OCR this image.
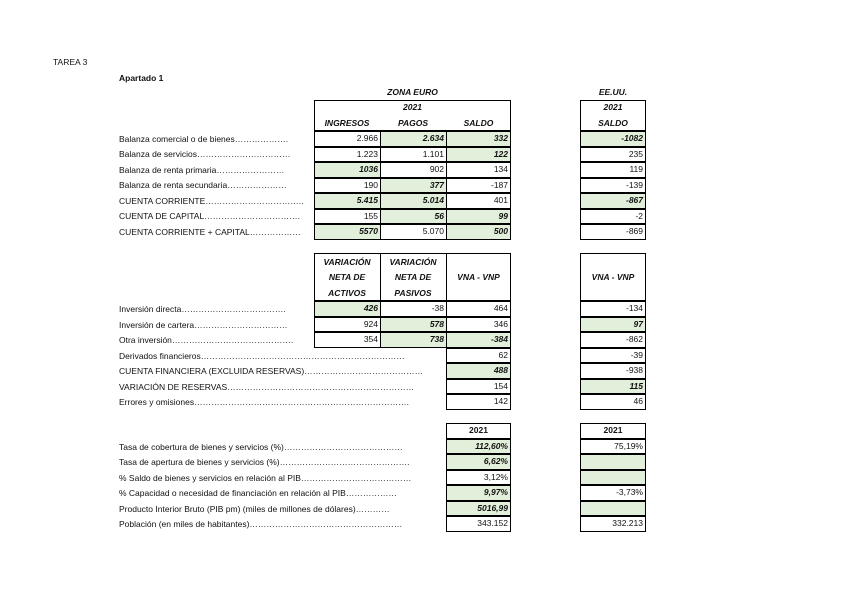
TAREA 3
Apartado 1
ZONA EURO	EE.UU.
2021
INGRESOS	PAGOS	SALDO
2021
SALDO
Balanza comercial o de bienes……………….	2.966	2.634	332	-1082
Balanza de servicios……………………………	1.223	1.101	122	235
Balanza de renta primaria……………………	1036	902	134	119
Balanza de renta secundaria…………………	190	377	-187	-139
CUENTA CORRIENTE……………………………..	5.415	5.014	401	-867
CUENTA DE CAPITAL…………………………….	155	56	99	-2
CUENTA CORRIENTE + CAPITAL………………	5570	5.070	500	-869
VARIACIÓN
NETA DE
ACTIVOS
VARIACIÓN
NETA DE
PASIVOS
VNA - VNP	VNA - VNP
Inversión directa……………………………….	426	-38	464	-134
Inversión de cartera……………………………	924	578	346	97
Otra inversión…………………………………….	354	738	-384	-862
Derivados financieros………………………………………………………………	62	-39
CUENTA FINANCIERA (EXCLUIDA RESERVAS)……………………………………	488	-938
VARIACIÓN DE RESERVAS…………………………………………………………	154	115
Errores y omisiones………………………………………………………………….	142	46
2021	2021
Tasa de cobertura de bienes y servicios (%)……………………………………	112,60%	75,19%
Tasa de apertura de bienes y servicios (%)……………………………………….	6,62%
% Saldo de bienes y servicios en relación al PIB…………………………………	3,12%
% Capacidad o necesidad de financiación en relación al PIB………………	9,97%	-3,73%
Producto Interior Bruto (PIB pm) (miles de millones de dólares)…………	5016,99
Población (en miles de habitantes)………………………………………………	343.152	332.213
